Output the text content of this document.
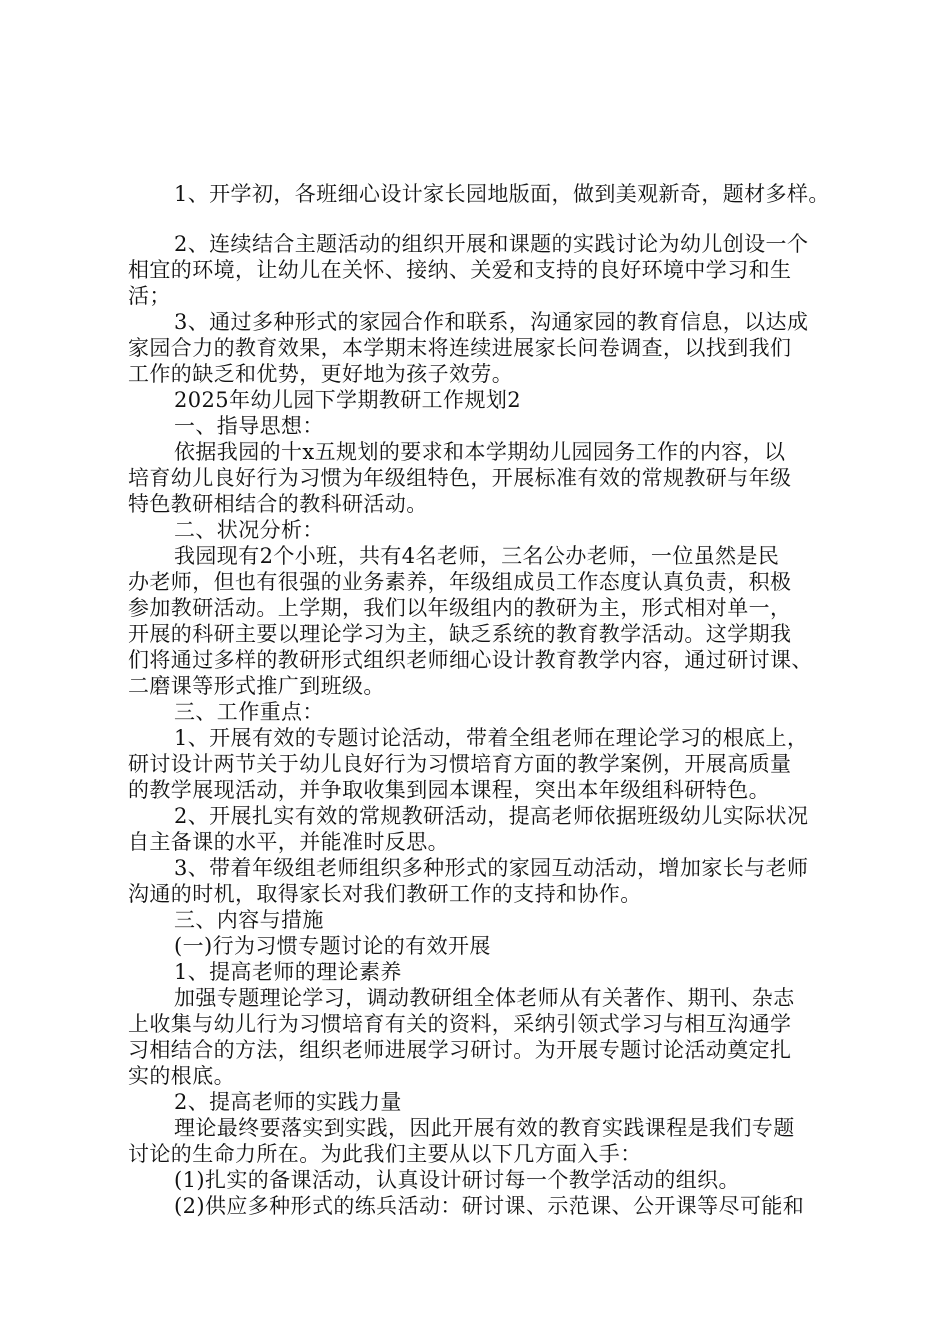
1、开学初，各班细心设计家长园地版面，做到美观新奇，题材多样。
2、连续结合主题活动的组织开展和课题的实践讨论为幼儿创设一个
相宜的环境，让幼儿在关怀、接纳、关爱和支持的良好环境中学习和生
活；
3、通过多种形式的家园合作和联系，沟通家园的教育信息，以达成
家园合力的教育效果，本学期末将连续进展家长问卷调查，以找到我们
工作的缺乏和优势，更好地为孩子效劳。
2025年幼儿园下学期教研工作规划2
一、指导思想：
依据我园的十x五规划的要求和本学期幼儿园园务工作的内容，以
培育幼儿良好行为习惯为年级组特色，开展标准有效的常规教研与年级
特色教研相结合的教科研活动。
二、状况分析：
我园现有2个小班，共有4名老师，三名公办老师，一位虽然是民
办老师，但也有很强的业务素养，年级组成员工作态度认真负责，积极
参加教研活动。上学期，我们以年级组内的教研为主，形式相对单一，
开展的科研主要以理论学习为主，缺乏系统的教育教学活动。这学期我
们将通过多样的教研形式组织老师细心设计教育教学内容，通过研讨课、
二磨课等形式推广到班级。
三、工作重点：
1、开展有效的专题讨论活动，带着全组老师在理论学习的根底上，
研讨设计两节关于幼儿良好行为习惯培育方面的教学案例，开展高质量
的教学展现活动，并争取收集到园本课程，突出本年级组科研特色。
2、开展扎实有效的常规教研活动，提高老师依据班级幼儿实际状况
自主备课的水平，并能准时反思。
3、带着年级组老师组织多种形式的家园互动活动，增加家长与老师
沟通的时机，取得家长对我们教研工作的支持和协作。
三、内容与措施
(一)行为习惯专题讨论的有效开展
1、提高老师的理论素养
加强专题理论学习，调动教研组全体老师从有关著作、期刊、杂志
上收集与幼儿行为习惯培育有关的资料，采纳引领式学习与相互沟通学
习相结合的方法，组织老师进展学习研讨。为开展专题讨论活动奠定扎
实的根底。
2、提高老师的实践力量
理论最终要落实到实践，因此开展有效的教育实践课程是我们专题
讨论的生命力所在。为此我们主要从以下几方面入手：
(1)扎实的备课活动，认真设计研讨每一个教学活动的组织。
(2)供应多种形式的练兵活动：研讨课、示范课、公开课等尽可能和
